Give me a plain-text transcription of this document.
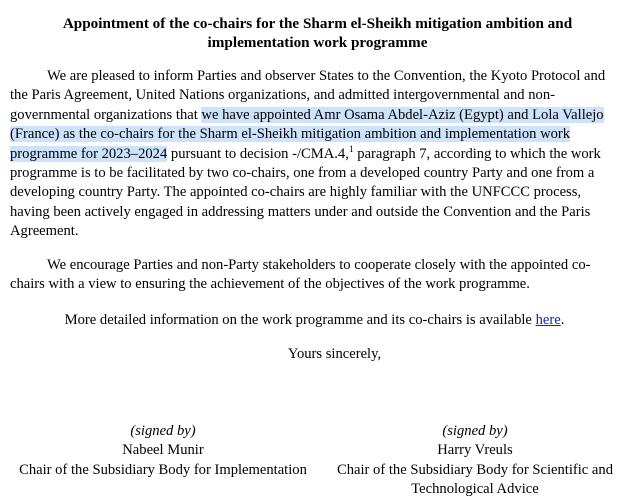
Appointment of the co-chairs for the Sharm el-Sheikh mitigation ambition and implementation work programme
We are pleased to inform Parties and observer States to the Convention, the Kyoto Protocol and the Paris Agreement, United Nations organizations, and admitted intergovernmental and non-governmental organizations that we have appointed Amr Osama Abdel-Aziz (Egypt) and Lola Vallejo (France) as the co-chairs for the Sharm el-Sheikh mitigation ambition and implementation work programme for 2023–2024 pursuant to decision -/CMA.4,$^1$ paragraph 7, according to which the work programme is to be facilitated by two co-chairs, one from a developed country Party and one from a developing country Party. The appointed co-chairs are highly familiar with the UNFCCC process, having been actively engaged in addressing matters under and outside the Convention and the Paris Agreement.
We encourage Parties and non-Party stakeholders to cooperate closely with the appointed co-chairs with a view to ensuring the achievement of the objectives of the work programme.
More detailed information on the work programme and its co-chairs is available here.
Yours sincerely,
(signed by)
Nabeel Munir
Chair of the Subsidiary Body for Implementation
(signed by)
Harry Vreuls
Chair of the Subsidiary Body for Scientific and Technological Advice
